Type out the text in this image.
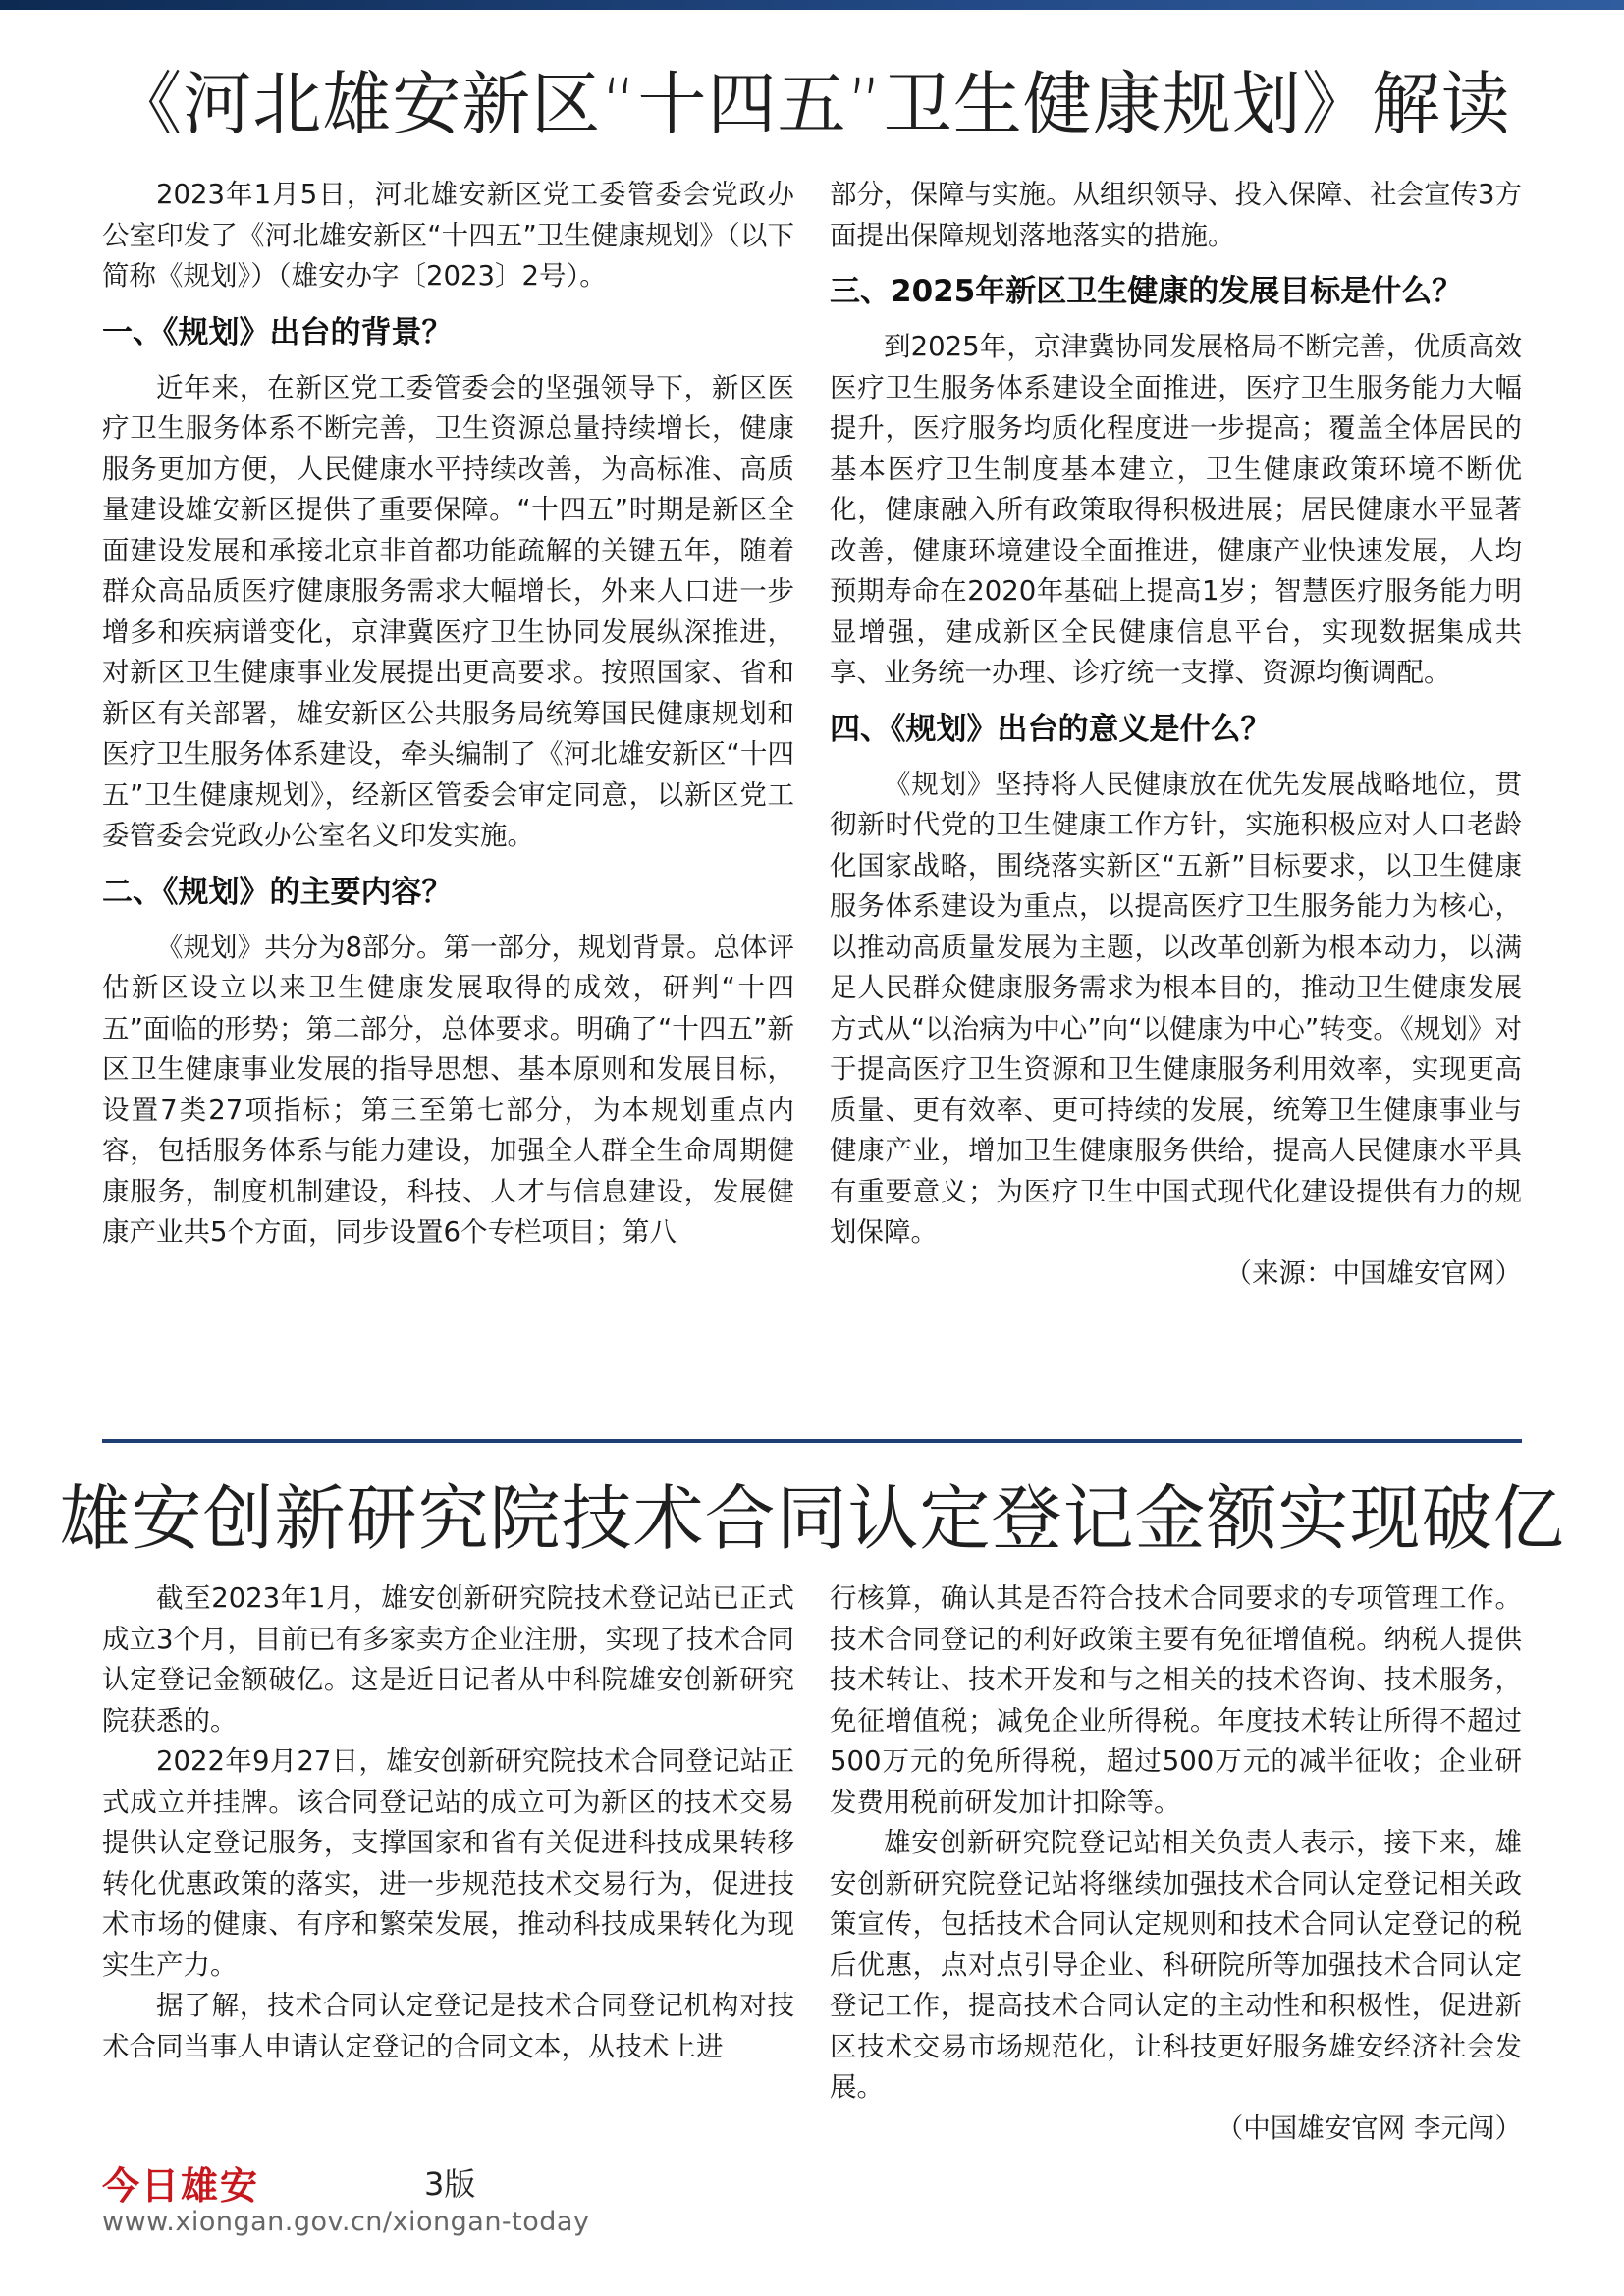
《河北雄安新区“十四五”卫生健康规划》解读

2023年1月5日，河北雄安新区党工委管委会党政办公室印发了《河北雄安新区“十四五”卫生健康规划》（以下简称《规划》）（雄安办字〔2023〕2号）。

一、《规划》出台的背景？

近年来，在新区党工委管委会的坚强领导下，新区医疗卫生服务体系不断完善，卫生资源总量持续增长，健康服务更加方便，人民健康水平持续改善，为高标准、高质量建设雄安新区提供了重要保障。“十四五”时期是新区全面建设发展和承接北京非首都功能疏解的关键五年，随着群众高品质医疗健康服务需求大幅增长，外来人口进一步增多和疾病谱变化，京津冀医疗卫生协同发展纵深推进，对新区卫生健康事业发展提出更高要求。按照国家、省和新区有关部署，雄安新区公共服务局统筹国民健康规划和医疗卫生服务体系建设，牵头编制了《河北雄安新区“十四五”卫生健康规划》，经新区管委会审定同意，以新区党工委管委会党政办公室名义印发实施。

二、《规划》的主要内容？

《规划》共分为8部分。第一部分，规划背景。总体评估新区设立以来卫生健康发展取得的成效，研判“十四五”面临的形势；第二部分，总体要求。明确了“十四五”新区卫生健康事业发展的指导思想、基本原则和发展目标，设置7类27项指标；第三至第七部分，为本规划重点内容，包括服务体系与能力建设，加强全人群全生命周期健康服务，制度机制建设，科技、人才与信息建设，发展健康产业共5个方面，同步设置6个专栏项目；第八

部分，保障与实施。从组织领导、投入保障、社会宣传3方面提出保障规划落地落实的措施。

三、2025年新区卫生健康的发展目标是什么？

到2025年，京津冀协同发展格局不断完善，优质高效医疗卫生服务体系建设全面推进，医疗卫生服务能力大幅提升，医疗服务均质化程度进一步提高；覆盖全体居民的基本医疗卫生制度基本建立，卫生健康政策环境不断优化，健康融入所有政策取得积极进展；居民健康水平显著改善，健康环境建设全面推进，健康产业快速发展，人均预期寿命在2020年基础上提高1岁；智慧医疗服务能力明显增强，建成新区全民健康信息平台，实现数据集成共享、业务统一办理、诊疗统一支撑、资源均衡调配。

四、《规划》出台的意义是什么？

《规划》坚持将人民健康放在优先发展战略地位，贯彻新时代党的卫生健康工作方针，实施积极应对人口老龄化国家战略，围绕落实新区“五新”目标要求，以卫生健康服务体系建设为重点，以提高医疗卫生服务能力为核心，以推动高质量发展为主题，以改革创新为根本动力，以满足人民群众健康服务需求为根本目的，推动卫生健康发展方式从“以治病为中心”向“以健康为中心”转变。《规划》对于提高医疗卫生资源和卫生健康服务利用效率，实现更高质量、更有效率、更可持续的发展，统筹卫生健康事业与健康产业，增加卫生健康服务供给，提高人民健康水平具有重要意义；为医疗卫生中国式现代化建设提供有力的规划保障。

（来源：中国雄安官网）

雄安创新研究院技术合同认定登记金额实现破亿

截至2023年1月，雄安创新研究院技术登记站已正式成立3个月，目前已有多家卖方企业注册，实现了技术合同认定登记金额破亿。这是近日记者从中科院雄安创新研究院获悉的。

2022年9月27日，雄安创新研究院技术合同登记站正式成立并挂牌。该合同登记站的成立可为新区的技术交易提供认定登记服务，支撑国家和省有关促进科技成果转移转化优惠政策的落实，进一步规范技术交易行为，促进技术市场的健康、有序和繁荣发展，推动科技成果转化为现实生产力。

据了解，技术合同认定登记是技术合同登记机构对技术合同当事人申请认定登记的合同文本，从技术上进

行核算，确认其是否符合技术合同要求的专项管理工作。技术合同登记的利好政策主要有免征增值税。纳税人提供技术转让、技术开发和与之相关的技术咨询、技术服务，免征增值税；减免企业所得税。年度技术转让所得不超过500万元的免所得税，超过500万元的减半征收；企业研发费用税前研发加计扣除等。

雄安创新研究院登记站相关负责人表示，接下来，雄安创新研究院登记站将继续加强技术合同认定登记相关政策宣传，包括技术合同认定规则和技术合同认定登记的税后优惠，点对点引导企业、科研院所等加强技术合同认定登记工作，提高技术合同认定的主动性和积极性，促进新区技术交易市场规范化，让科技更好服务雄安经济社会发展。

（中国雄安官网 李元闯）

今日雄安	3版
www.xiongan.gov.cn/xiongan-today
